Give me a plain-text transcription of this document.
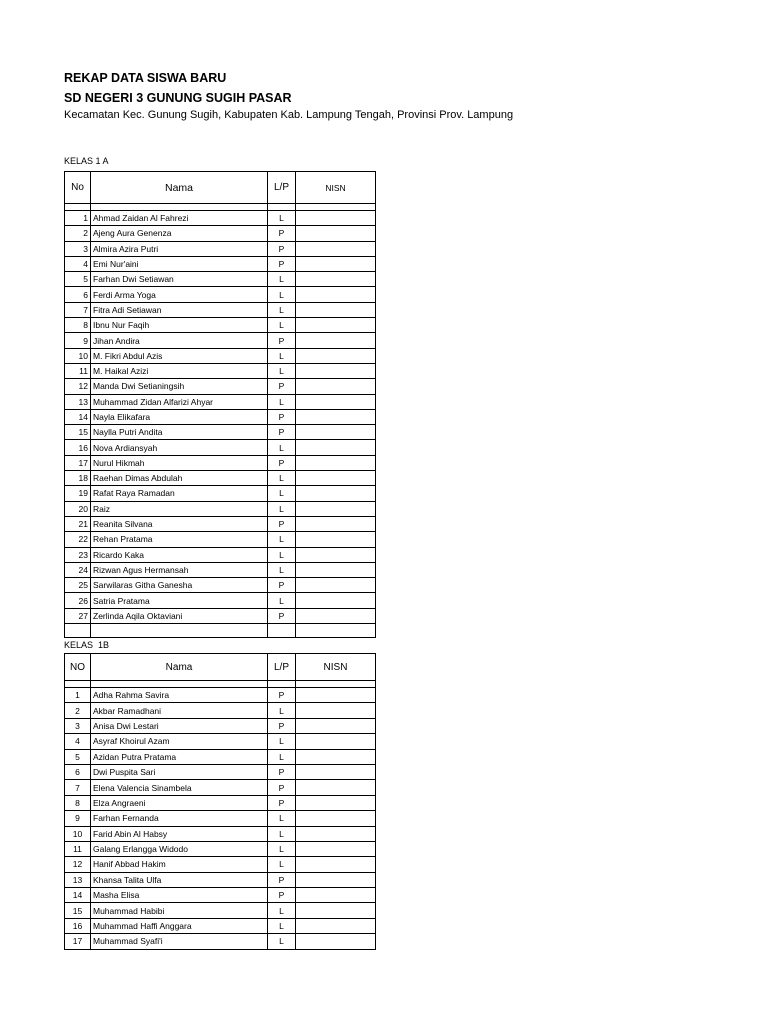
REKAP DATA SISWA BARU
SD NEGERI 3 GUNUNG SUGIH PASAR
Kecamatan Kec. Gunung Sugih, Kabupaten Kab. Lampung Tengah, Provinsi Prov. Lampung
KELAS 1 A
No	Nama	L/P	NISN

1	Ahmad Zaidan Al Fahrezi	L	
2	Ajeng Aura Genenza	P	
3	Almira Azira Putri	P	
4	Emi Nur'aini	P	
5	Farhan Dwi Setiawan	L	
6	Ferdi Arma Yoga	L	
7	Fitra Adi Setiawan	L	
8	Ibnu Nur Faqih	L	
9	Jihan Andira	P	
10	M. Fikri Abdul Azis	L	
11	M. Haikal Azizi	L	
12	Manda Dwi Setianingsih	P	
13	Muhammad Zidan Alfarizi Ahyar	L	
14	Nayla Elikafara	P	
15	Naylla Putri Andita	P	
16	Nova Ardiansyah	L	
17	Nurul Hikmah	P	
18	Raehan Dimas Abdulah	L	
19	Rafat Raya Ramadan	L	
20	Raiz	L	
21	Reanita Silvana	P	
22	Rehan Pratama	L	
23	Ricardo Kaka	L	
24	Rizwan Agus Hermansah	L	
25	Sarwilaras Githa Ganesha	P	
26	Satria Pratama	L	
27	Zerlinda Aqila Oktaviani	P	

KELAS 1B
NO	Nama	L/P	NISN

1	Adha Rahma Savira	P	
2	Akbar Ramadhani	L	
3	Anisa Dwi Lestari	P	
4	Asyraf Khoirul Azam	L	
5	Azidan Putra Pratama	L	
6	Dwi Puspita Sari	P	
7	Elena Valencia Sinambela	P	
8	Elza Angraeni	P	
9	Farhan Fernanda	L	
10	Farid Abin Al Habsy	L	
11	Galang Erlangga Widodo	L	
12	Hanif Abbad Hakim	L	
13	Khansa Talita Ulfa	P	
14	Masha Elisa	P	
15	Muhammad Habibi	L	
16	Muhammad Haffi Anggara	L	
17	Muhammad Syafi'i	L	
